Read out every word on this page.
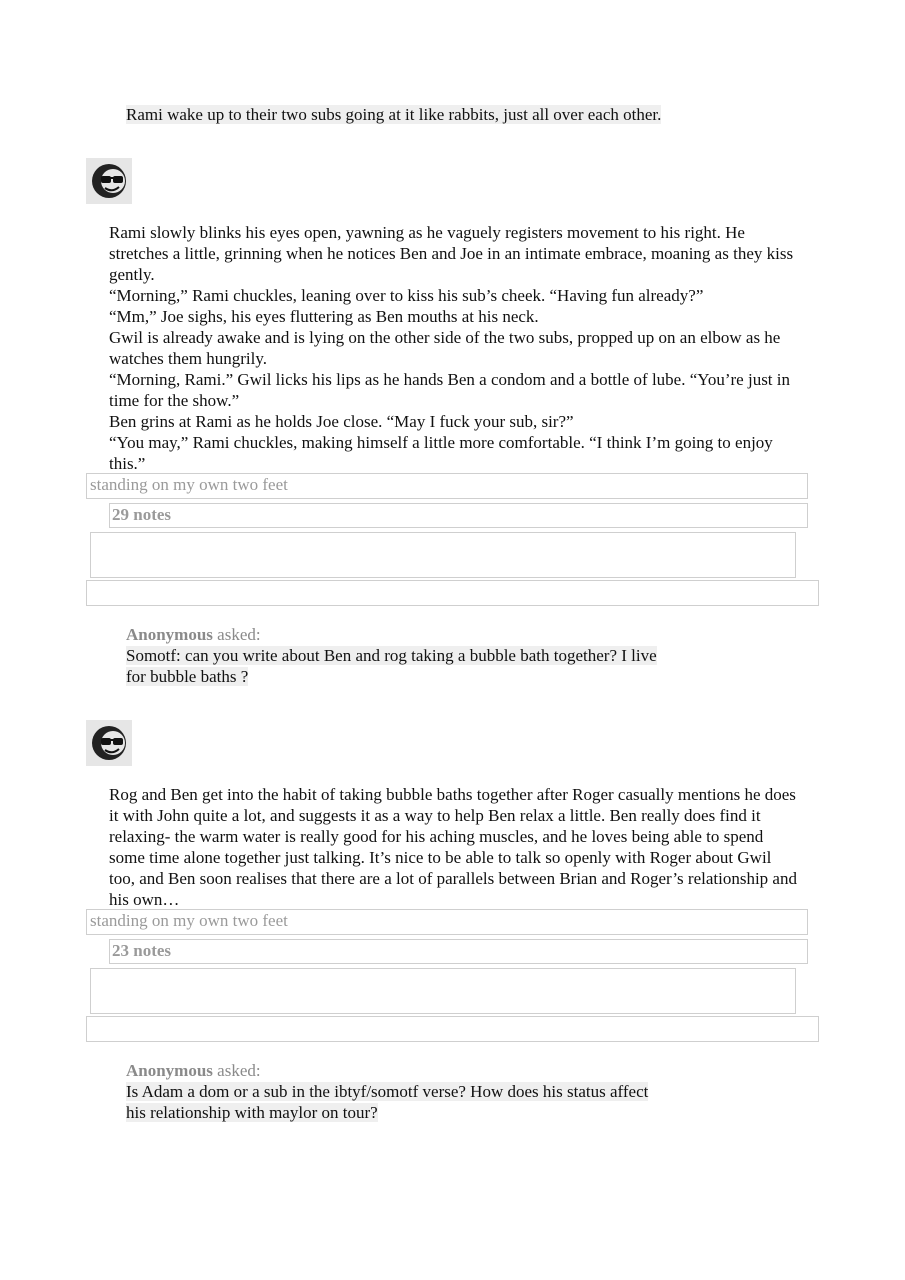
Rami wake up to their two subs going at it like rabbits, just all over each other.

Rami slowly blinks his eyes open, yawning as he vaguely registers movement to his right. He stretches a little, grinning when he notices Ben and Joe in an intimate embrace, moaning as they kiss gently.

“Morning,” Rami chuckles, leaning over to kiss his sub’s cheek. “Having fun already?”

“Mm,” Joe sighs, his eyes fluttering as Ben mouths at his neck.

Gwil is already awake and is lying on the other side of the two subs, propped up on an elbow as he watches them hungrily.

“Morning, Rami.” Gwil licks his lips as he hands Ben a condom and a bottle of lube. “You’re just in time for the show.”

Ben grins at Rami as he holds Joe close. “May I fuck your sub, sir?”

“You may,” Rami chuckles, making himself a little more comfortable. “I think I’m going to enjoy this.”

standing on my own two feet
29 notes
Anonymous asked:
Somotf: can you write about Ben and rog taking a bubble bath together? I live
for bubble baths ?

Rog and Ben get into the habit of taking bubble baths together after Roger casually mentions he does it with John quite a lot, and suggests it as a way to help Ben relax a little. Ben really does find it relaxing- the warm water is really good for his aching muscles, and he loves being able to spend some time alone together just talking. It’s nice to be able to talk so openly with Roger about Gwil too, and Ben soon realises that there are a lot of parallels between Brian and Roger’s relationship and his own…

standing on my own two feet
23 notes
Anonymous asked:
Is Adam a dom or a sub in the ibtyf/somotf verse? How does his status affect
his relationship with maylor on tour?
